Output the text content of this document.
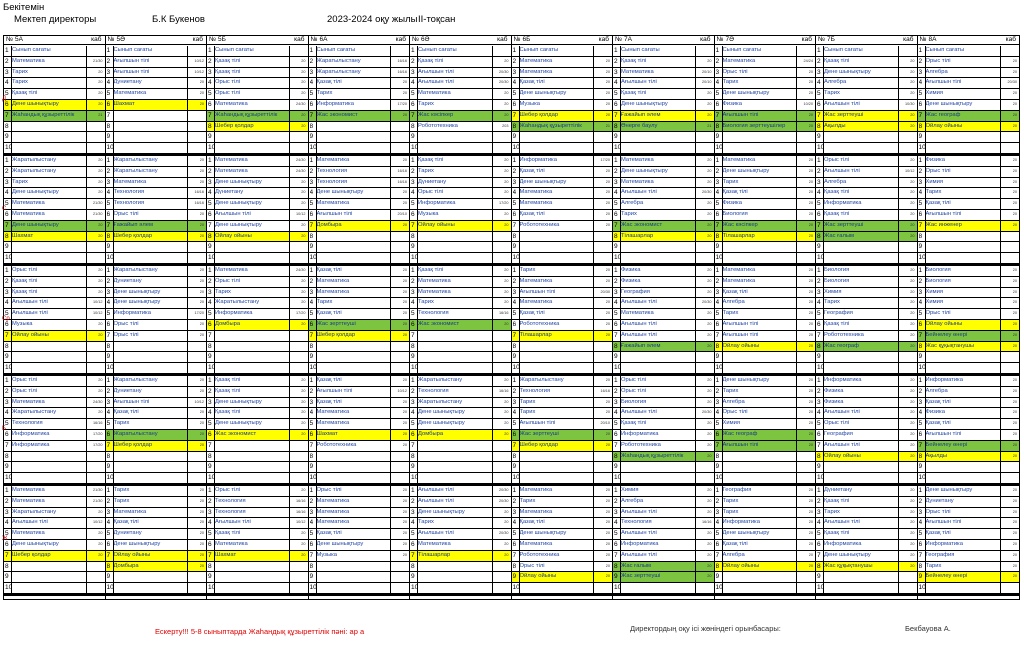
Бекітемін
Мектеп директоры	Б.К Букенов	2023-2024 оқу жылы ІІ-тоқсан
№ 5А	каб
1 Сынып сағаты
2 Математика	21/30
3 Тарих	20
4 Тарих	20
5 Қазақ тілі	20
6 Дене шынықтыру	20
7 Жаһандық құзыреттілік	21
8
9
10
1 Жаратылыстану	20
2 Жаратылыстану	20
3 Тарих	20
4 Дене шынықтыру	20
5 Математика	21/30
6 Математика	21/30
7 Дене шынықтыру	20
8 Шахмат	20
9
10
1 Орыс тілі	20
2 Қазақ тілі	20
3 Қазақ тілі	20
4 Ағылшын тілі	10/12
5 Ағылшын тілі	10/12
6 Музыка	20
7 Ойлау ойыны	20
8
9
10
1 Орыс тілі	20
2 Орыс тілі	20
3 Математика	24/30
4 Жаратылыстану	20
5 Технология	16/16
6 Информатика	17/20
7 Информатика	17/20
8
9
10
1 Математика	21/30
2 Математика	21/30
3 Жаратылыстану	20
4 Ағылшын тілі	10/12
5 Математика	20
6 Дене шынықтыру	20
7 Шебер қолдар	20
8
9
10
№ 5Ә	каб
1 Сынып сағаты
2 Ағылшын тілі	10/12
3 Ағылшын тілі	10/12
4 Дүниетану	20
5 Математика	20
6 Шахмат	20
7
8
9
10
1 Жаратылыстану	20
2 Жаратылыстану	20
3 Математика	20
4 Технология	16/16
5 Технология	16/16
6 Орыс тілі	20
7 Ғажайып әлем	20
8 Шебер қолдар	20
9
10
1 Жаратылыстану	20
2 Дүниетану	20
3 Дене шынықтыру	20
4 Дене шынықтыру	20
5 Информатика	17/20
6 Орыс тілі	20
7 Орыс тілі	20
8
9
10
1 Жаратылыстану	20
2 Дүниетану	20
3 Ағылшын тілі	10/12
4 Қазақ тілі	20
5 Тарих	20
6 Жаратылыстану	20
7 Шебер қолдар	20
8
9
10
1 Тарих	20
2 Тарих	20
3 Математика	20
4 Қазақ тілі	20
5 Дүниетану	20
6 Дене шынықтыру	20
7 Ойлау ойыны	20
8 Домбыра	20
9
10
№ 5Б	каб
1 Сынып сағаты
2 Қазақ тілі	20
3 Қазақ тілі	20
4 Орыс тілі	20
5 Орыс тілі	20
6 Математика	24/30
7 Жаһандық құзыреттілік	20
8 Шебер қолдар	20
9
10
1 Математика	24/30
2 Математика	24/30
3 Дене шынықтыру	20
4 Дүниетану	20
5 Дене шынықтыру	20
6 Ағылшын тілі	10/12
7 Дене шынықтыру	20
8 Ойлау ойыны	20
9
10
1 Математика	24/30
2 Орыс тілі	20
3 Тарих	20
4 Жаратылыстану	20
5 Информатика	17/20
6 Домбыра	20
7
8
9
10
1 Қазақ тілі	20
2 Қазақ тілі	20
3 Дене шынықтыру	20
4 Қазақ тілі	20
5 Дене шынықтыру	20
6 Жас экономист	20
7
8
9
10
1 Орыс тілі	20
2 Технология	16/16
3 Технология	16/16
4 Ағылшын тілі	10/12
5 Қазақ тілі	20
6 Математика	20
7 Шахмат	20
8
9
10
№ 6А	каб
1 Сынып сағаты
2 Жаратылыстану	16/16
3 Жаратылыстану	16/16
4 Қазақ тілі	20
5 Тарих	20
6 Информатика	17/20
7 Жас экономист	20
8
9
10
1 Математика	20
2 Технология	16/16
3 Технология	16/16
4 Дене шынықтыру	20
5 Математика	20
6 Ағылшын тілі	20/10
7 Домбыра	20
8
9
10
1 Қазақ тілі	20
2 Математика	20
3 Математика	20
4 Тарих	20
5 Қазақ тілі	20
6 Жас зерттеуші	20
7 Шебер қолдар	20
8
9
10
1 Қазақ тілі	20
2 Ағылшын тілі	10/12
3 Қазақ тілі	20
4 Математика	20
5 Математика	20
6 Шахмат	20
7 Робототехника	20
8
9
10
1 Орыс тілі	20
2 Математика	20
3 Математика	20
4 Математика	20
5 Қазақ тілі	20
6 Дене шынықтыру	20
7 Музыка	20
8
9
10
№ 6Ә	каб
1 Сынып сағаты
2 Қазақ тілі	20
3 Ағылшын тілі	20/30
4 Ағылшын тілі	20/30
5 Математика	20
6 Тарих	20
7 Жас кәсіпкер	20
8 Робототехника	203
9
10
1 Қазақ тілі	20
2 Тарих	20
3 Дүниетану	20
4 Орыс тілі	20
5 Информатика	17/20
6 Музыка	20
7 Ойлау ойыны	20
8
9
10
1 Қазақ тілі	20
2 Математика	20
3 Математика	20
4 Тарих	20
5 Технология	16/16
6 Жас экономист	20
7
8
9
10
1 Жаратылыстану	20
2 Технология	16/16
3 Жаратылыстану	20
4 Дене шынықтыру	20
5 Дене шынықтыру	20
6 Домбыра	20
7
8
9
10
1 Ағылшын тілі	20/30
2 Ағылшын тілі	20/30
3 Дене шынықтыру	20
4 Тарих	20
5 Ағылшын тілі	20/30
6 Математика	20
7 Тілашарлар	20
8
9
10
№ 6Б	каб
1 Сынып сағаты
2 Математика	20
3 Математика	20
4 Қазақ тілі	20
5 Дене шынықтыру	20
6 Музыка	20
7 Шебер қолдар	20
8 Жаһандық құзыреттілік	21
9
10
1 Информатика	17/20
2 Қазақ тілі	20
3 Дене шынықтыру	20
4 Математика	20
5 Математика	20
6 Қазақ тілі	20
7 Робототехника	20
8
9
10
1 Тарих	20
2 Математика	20
3 Ағылшын тілі	20/30
4 Математика	20
5 Қазақ тілі	20
6 Робототехника	20
7 Тілашарлар	20
8
9
10
1 Жаратылыстану	20
2 Технология	16/16
3 Тарих	20
4 Тарих	20
5 Ағылшын тілі	20/10
6 Жас зерттеуші	20
7 Шебер қолдар	20
8
9
10
1 Математика	20
2 Тарих	20
3 Математика	20
4 Қазақ тілі	20
5 Дене шынықтыру	20
6 Математика	20
7 Робототехника	20
8 Орыс тілі	20
9 Ойлау ойыны	20
10
№ 7А	каб
1 Сынып сағаты
2 Қазақ тілі	20
3 Математика	20/10
4 Ағылшын тілі	20/10
5 Қазақ тілі	20
6 Дене шынықтыру	20
7 Ғажайып әлем	20
8 Өнерге баулу	21
9
10
1 Математика	20
2 Дене шынықтыру	20
3 Математика	20
4 Ағылшын тілі	20/30
5 Алгебра	20
6 Тарих	20
7 Жас экономист	20
8 Тілашарлар	20
9
10
1 Физика	20
2 Физика	20
3 География	20
4 Ағылшын тілі	20/30
5 Математика	20
6 Ағылшын тілі	20
7 Ағылшын тілі	20
8 Ғажайып әлем	20
9
10
1 Орыс тілі	20
2 Орыс тілі	20
3 Биология	20
4 Ағылшын тілі	20/30
5 Қазақ тілі	20
6 Информатика	20
7 Робототехника	20
8 Жаһандық құзыреттілік	20
9
10
1 Химия	20
2 Алгебра	20
3 Ағылшын тілі	20
4 Технология	16/16
5 Ағылшын тілі	20
6 Информатика	20
7 Ағылшын тілі	20
8 Жас ғалым	20
9 Жас зерттеуші	20
10
№ 7Ә	каб
1 Сынып сағаты
2 Математика	24/24
3 Орыс тілі	20
4 Тарих	20
5 Дене шынықтыру	20
6 Физика	10/20
7 Ағылшын тілі	20
8 Биология зерттеушілер	20
9
10
1 Математика	20
2 Дене шынықтыру	20
3 Тарих	20
4 Қазақ тілі	20
5 Физика	20
6 Биология	20
7 Жас кәсіпкер	20
8 Тілашарлар	20
9
10
1 Математика	20
2 Математика	20
3 Қазақ тілі	20
4 Алгебра	20
5 Тарих	20
6 Ағылшын тілі	20
7 Ағылшын тілі	20
8 Ойлау ойыны	20
9
10
1 Дене шынықтыру	20
2 Тарих	20
3 Алгебра	20
4 Орыс тілі	20
5 Химия	20
6 Жас географ	20
7 Ағылшын тілі	20
8
9
10
1 География	20
2 Тарих	20
3 Тарих	20
4 Информатика	20
5 Дене шынықтыру	20
6 Қазақ тілі	20
7 Алгебра	20
8 Ойлау ойыны	20
9
10
№ 7Б	каб
1 Сынып сағаты
2 Қазақ тілі	20
3 Дене шынықтыру	20
4 Алгебра	20
5 Тарих	20
6 Ағылшын тілі	10/30
7 Жас зерттеуші	20
8 Ақылды	20
9
10
1 Орыс тілі	20
2 Ағылшын тілі	10/12
3 Алгебра	20
4 Қазақ тілі	20
5 Информатика	20
6 Қазақ тілі	20
7 Жас зерттеуші	20
8 Жас ғалым	20
9
10
1 Биология	20
2 Биология	20
3 Химия	20
4 Тарих	20
5 География	20
6 Қазақ тілі	20
7 Робототехника	20
8 Жас географ	20
9
10
1 Информатика	20
2 Физика	20
3 Физика	20
4 Ағылшын тілі	20
5 Орыс тілі	20
6 География	20
7 Ағылшын тілі	20
8 Ойлау ойыны	20
9
10
1 Дүниетану	20
2 Қазақ тілі	20
3 Тарих	20
4 Ағылшын тілі	20
5 Қазақ тілі	20
6 Информатика	20
7 Дене шынықтыру	20
8 Жас құқықтанушы	20
9
10
№ 8А	каб
1 Сынып сағаты
2 Орыс тілі	20
3 Алгебра	20
4 Ағылшын тілі	20/30
5 Химия	20
6 Дене шынықтыру	20
7 Жас географ	20
8 Ойлау ойыны	20
9
10
1 Физика	20
2 Орыс тілі	20
3 Химия	20
4 Тарих	20
5 Қазақ тілі	20
6 Ағылшын тілі	20
7 Жас инженер	20
8
9
10
1 Биология	20
2 Биология	20
3 Химия	20
4 Химия	20
5 Орыс тілі	20
6 Ойлау ойыны	20
7 Бейнелеу өнері	20
8 Жас құқықтанушы	20
9
10
1 Информатика	20
2 Алгебра	20
3 Қазақ тілі	20
4 Физика	20
5 Қазақ тілі	20
6 Ағылшын тілі	20
7 Бейнелеу өнері	20
8 Ақылды	20
9
10
1 Дене шынықтыру	20
2 Дүниетану	20
3 Орыс тілі	20
4 Ағылшын тілі	20
5 Қазақ тілі	20
6 Информатика	20
7 География	20
8 Тарих	20
9 Бейнелеу өнері	20
10
Ескерту!!! 5-8 сыныптарда Жаһандық құзыреттілік пәні: ар а	Директордың оқу ісі жөніндегі орынбасары:	Бекбауова А.
Д
С
Ср
Б
Ж
